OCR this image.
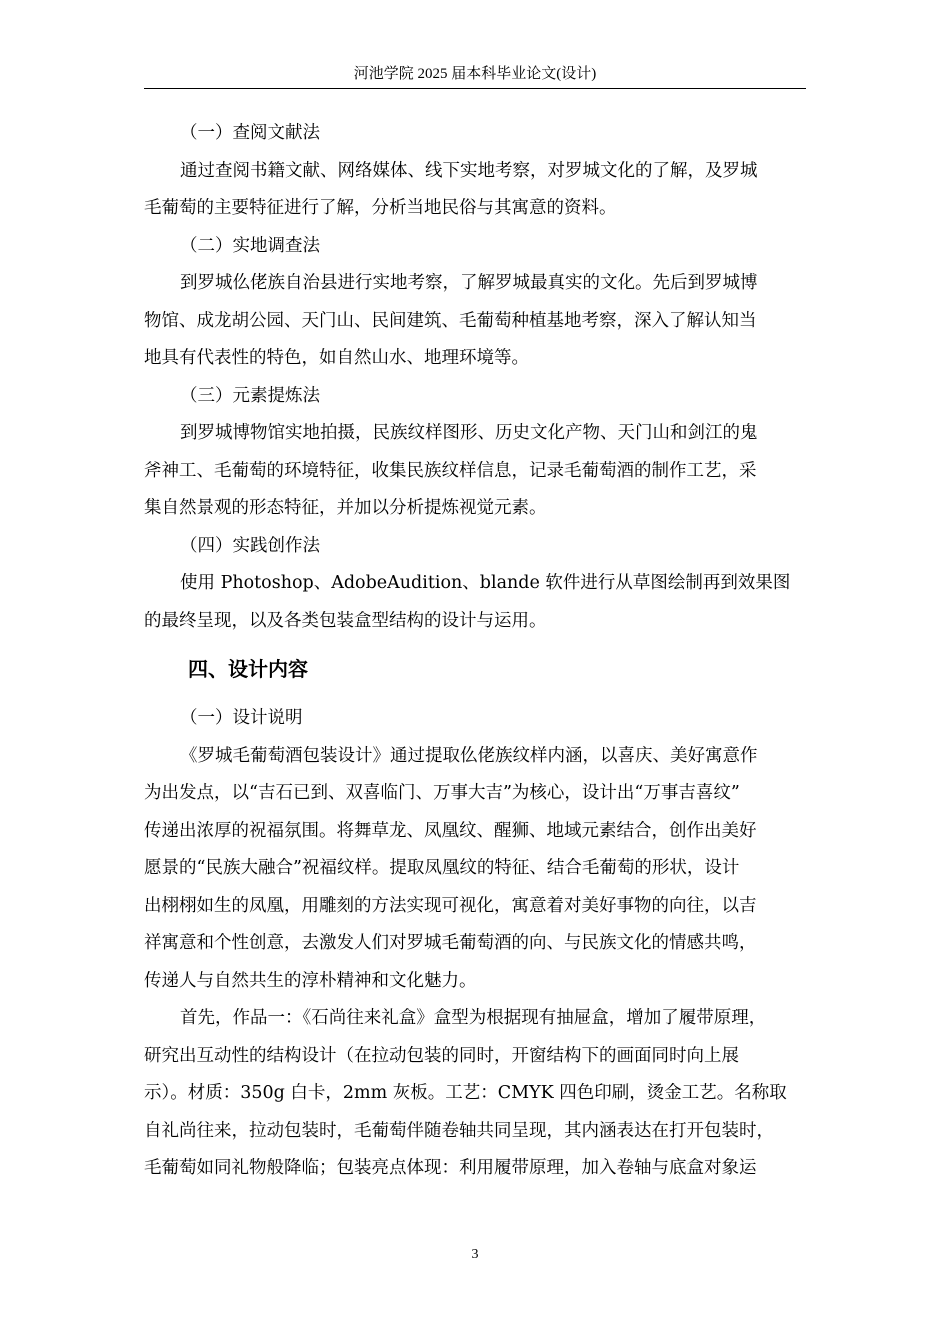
河池学院 2025 届本科毕业论文(设计)

（一）查阅文献法

通过查阅书籍文献、网络媒体、线下实地考察，对罗城文化的了解，及罗城
毛葡萄的主要特征进行了解，分析当地民俗与其寓意的资料。

（二）实地调查法

到罗城仫佬族自治县进行实地考察，了解罗城最真实的文化。先后到罗城博
物馆、成龙胡公园、天门山、民间建筑、毛葡萄种植基地考察，深入了解认知当
地具有代表性的特色，如自然山水、地理环境等。

（三）元素提炼法

到罗城博物馆实地拍摄，民族纹样图形、历史文化产物、天门山和剑江的鬼
斧神工、毛葡萄的环境特征，收集民族纹样信息，记录毛葡萄酒的制作工艺，采
集自然景观的形态特征，并加以分析提炼视觉元素。

（四）实践创作法

使用 Photoshop、AdobeAudition、blande 软件进行从草图绘制再到效果图
的最终呈现，以及各类包装盒型结构的设计与运用。

四、设计内容

（一）设计说明

《罗城毛葡萄酒包装设计》通过提取仫佬族纹样内涵，以喜庆、美好寓意作
为出发点，以“吉石已到、双喜临门、万事大吉”为核心，设计出“万事吉喜纹”
传递出浓厚的祝福氛围。将舞草龙、凤凰纹、醒狮、地域元素结合，创作出美好
愿景的“民族大融合”祝福纹样。提取凤凰纹的特征、结合毛葡萄的形状，设计
出栩栩如生的凤凰，用雕刻的方法实现可视化，寓意着对美好事物的向往，以吉
祥寓意和个性创意，去激发人们对罗城毛葡萄酒的向、与民族文化的情感共鸣，
传递人与自然共生的淳朴精神和文化魅力。

首先，作品一：《石尚往来礼盒》盒型为根据现有抽屉盒，增加了履带原理，
研究出互动性的结构设计（在拉动包装的同时，开窗结构下的画面同时向上展
示）。材质：350g 白卡，2mm 灰板。工艺：CMYK 四色印刷，烫金工艺。名称取
自礼尚往来，拉动包装时，毛葡萄伴随卷轴共同呈现，其内涵表达在打开包装时，
毛葡萄如同礼物般降临；包装亮点体现：利用履带原理，加入卷轴与底盒对象运

3
